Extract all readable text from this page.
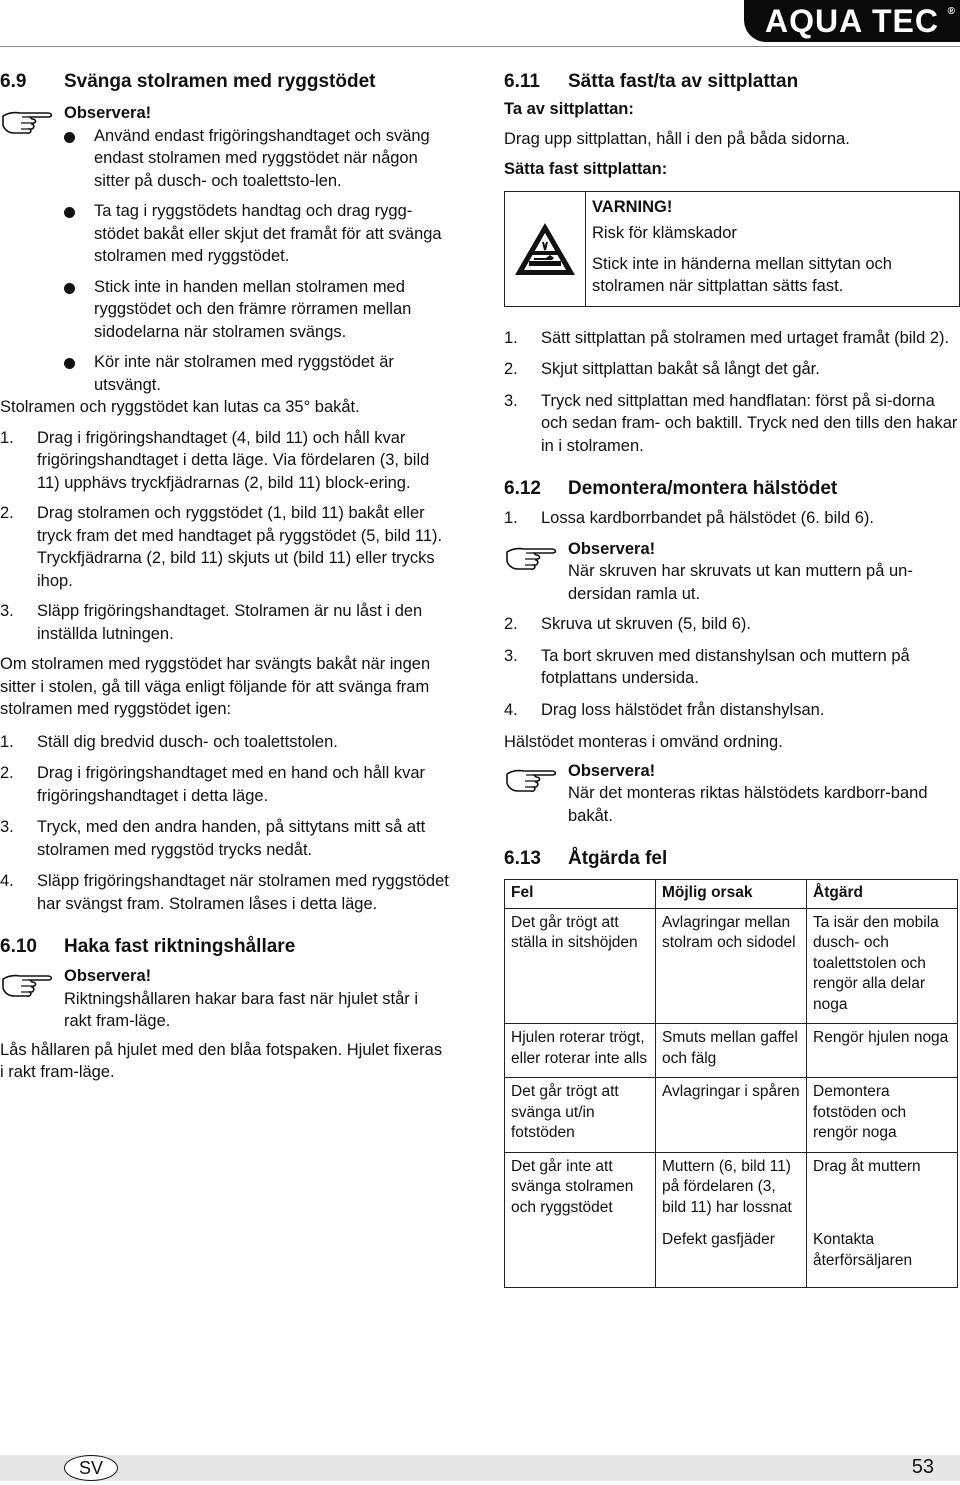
AQUA TEC ®
6.9	Svänga stolramen med ryggstödet
Observera!
Använd endast frigöringshandtaget och sväng endast stolramen med ryggstödet när någon sitter på dusch- och toalettsto-len.
Ta tag i ryggstödets handtag och drag rygg-stödet bakåt eller skjut det framåt för att svänga stolramen med ryggstödet.
Stick inte in handen mellan stolramen med ryggstödet och den främre rörramen mellan sidodelarna när stolramen svängs.
Kör inte när stolramen med ryggstödet är utsvängt.
Stolramen och ryggstödet kan lutas ca 35° bakåt.
1. Drag i frigöringshandtaget (4, bild 11) och håll kvar frigöringshandtaget i detta läge. Via fördelaren (3, bild 11) upphävs tryckfjädrarnas (2, bild 11) block-ering.
2. Drag stolramen och ryggstödet (1, bild 11) bakåt eller tryck fram det med handtaget på ryggstödet (5, bild 11). Tryckfjädrarna (2, bild 11) skjuts ut (bild 11) eller trycks ihop.
3. Släpp frigöringshandtaget. Stolramen är nu låst i den inställda lutningen.
Om stolramen med ryggstödet har svängts bakåt när ingen sitter i stolen, gå till väga enligt följande för att svänga fram stolramen med ryggstödet igen:
1. Ställ dig bredvid dusch- och toalettstolen.
2. Drag i frigöringshandtaget med en hand och håll kvar frigöringshandtaget i detta läge.
3. Tryck, med den andra handen, på sittytans mitt så att stolramen med ryggstöd trycks nedåt.
4. Släpp frigöringshandtaget när stolramen med ryggstödet har svängst fram. Stolramen låses i detta läge.
6.10	Haka fast riktningshållare
Observera!
Riktningshållaren hakar bara fast när hjulet står i rakt fram-läge.
Lås hållaren på hjulet med den blåa fotspaken. Hjulet fixeras i rakt fram-läge.
6.11	Sätta fast/ta av sittplattan
Ta av sittplattan:
Drag upp sittplattan, håll i den på båda sidorna.
Sätta fast sittplattan:
VARNING!
Risk för klämskador
Stick inte in händerna mellan sittytan och stolramen när sittplattan sätts fast.
1. Sätt sittplattan på stolramen med urtaget framåt (bild 2).
2. Skjut sittplattan bakåt så långt det går.
3. Tryck ned sittplattan med handflatan: först på si-dorna och sedan fram- och baktill. Tryck ned den tills den hakar in i stolramen.
6.12	Demontera/montera hälstödet
1. Lossa kardborrbandet på hälstödet (6. bild 6).
Observera!
När skruven har skruvats ut kan muttern på un-dersidan ramla ut.
2. Skruva ut skruven (5, bild 6).
3. Ta bort skruven med distanshylsan och muttern på fotplattans undersida.
4. Drag loss hälstödet från distanshylsan.
Hälstödet monteras i omvänd ordning.
Observera!
När det monteras riktas hälstödets kardborr-band bakåt.
6.13	Åtgärda fel
Fel	Möjlig orsak	Åtgärd
Det går trögt att ställa in sitshöjden	Avlagringar mellan stolram och sidodel	Ta isär den mobila dusch- och toalettstolen och rengör alla delar noga
Hjulen roterar trögt, eller roterar inte alls	Smuts mellan gaffel och fälg	Rengör hjulen noga
Det går trögt att svänga ut/in fotstöden	Avlagringar i spåren	Demontera fotstöden och rengör noga
Det går inte att svänga stolramen och ryggstödet	Muttern (6, bild 11) på fördelaren (3, bild 11) har lossnat	Drag åt muttern
	Defekt gasfjäder	Kontakta återförsäljaren
SV	53
